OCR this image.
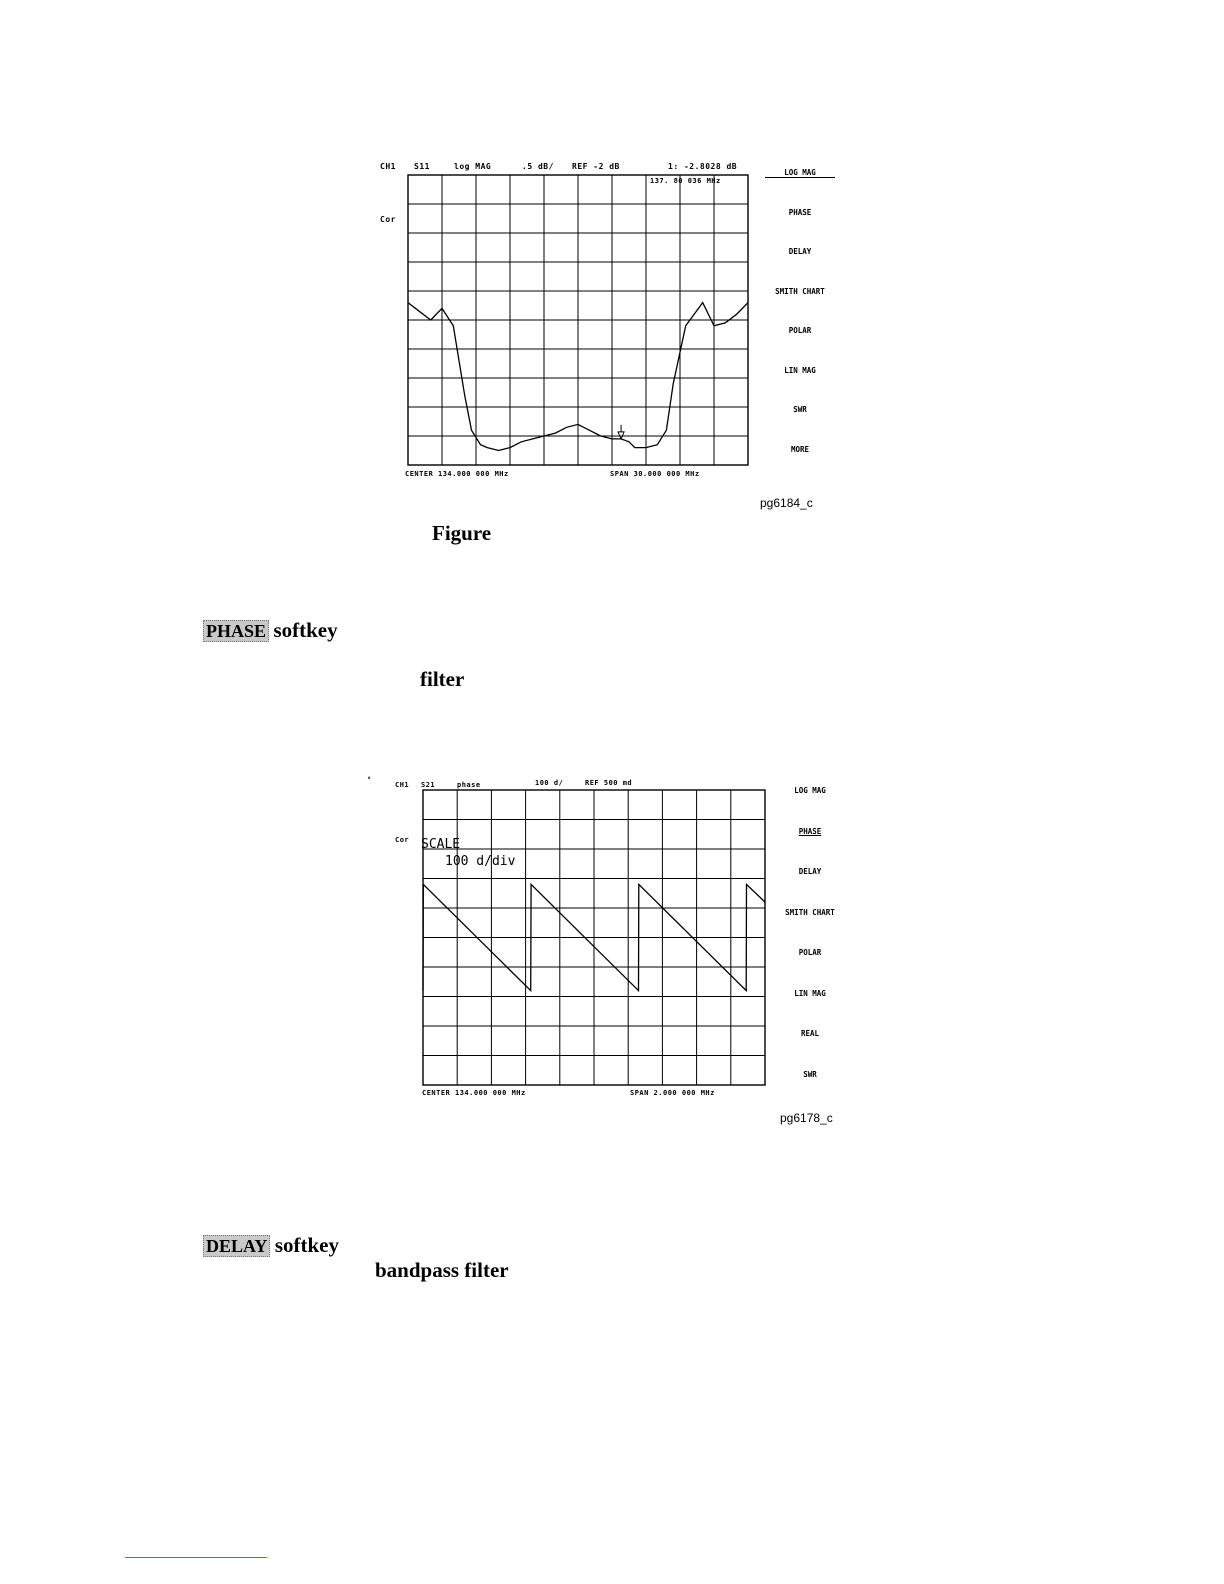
CH1 S11	log MAG	.5 dB/ REF -2 dB	1: -2.8028 dB
137. 80 036 MHz
Cor
CENTER 134.000 000 MHz	SPAN 30.000 000 MHz
LOG MAG
PHASE
DELAY
SMITH CHART
POLAR
LIN MAG
SWR
MORE
pg6184_c
Figure
PHASE softkey
filter
°
CH1 S21	phase	100 d/	REF 500 md
Cor SCALE
100 d/div
CENTER 134.000 000 MHz	SPAN 2.000 000 MHz
LOG MAG
PHASE
DELAY
SMITH CHART
POLAR
LIN MAG
REAL
SWR
pg6178_c
DELAY softkey
bandpass filter
